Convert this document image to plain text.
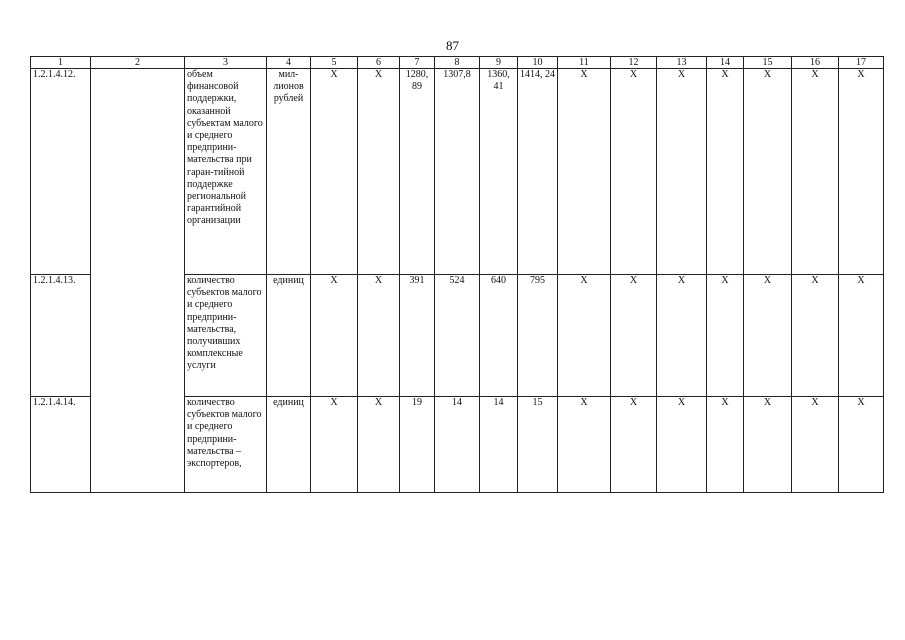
87
1	2	3	4	5	6	7	8	9	10	11	12	13	14	15	16	17
1.2.1.4.12.		объем финансовой поддержки, оказанной субъектам малого и среднего предприни-мательства при гаран-тийной поддержке региональной гарантийной организации	мил-лионов рублей	X	X	1280, 89	1307,8	1360, 41	1414, 24	X	X	X	X	X	X	X
1.2.1.4.13.		количество субъектов малого и среднего предприни-мательства, получивших комплексные услуги	единиц	X	X	391	524	640	795	X	X	X	X	X	X	X
1.2.1.4.14.		количество субъектов малого и среднего предприни-мательства – экспортеров,	единиц	X	X	19	14	14	15	X	X	X	X	X	X	X
